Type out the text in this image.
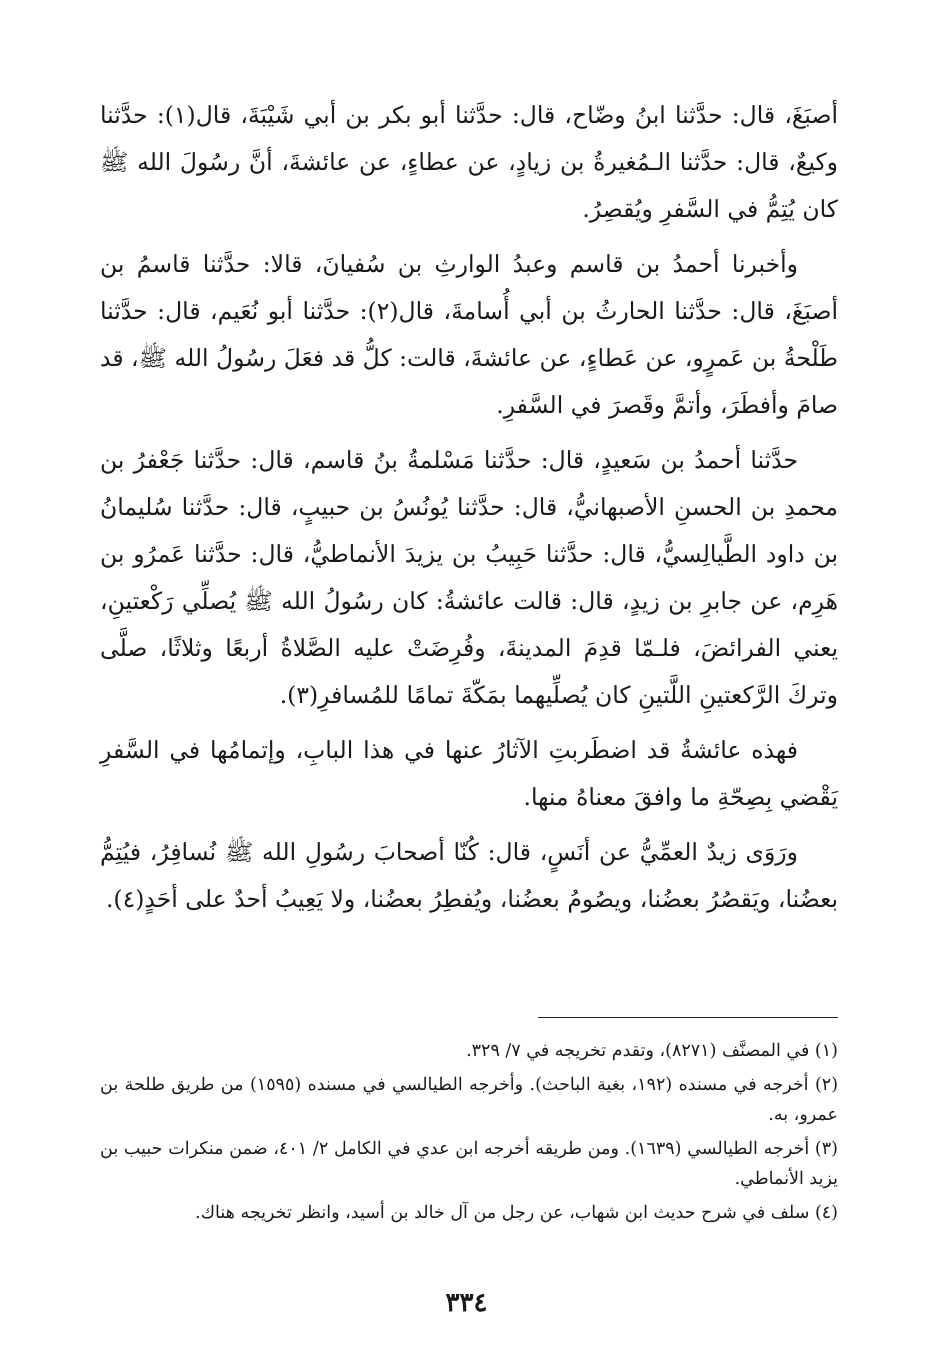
أصبَغَ، قال: حدَّثنا ابنُ وضّاح، قال: حدَّثنا أبو بكر بن أبي شَيْبَةَ، قال(١): حدَّثنا وكيعٌ، قال: حدَّثنا الـمُغيرةُ بن زيادٍ، عن عطاءٍ، عن عائشةَ، أنَّ رسُولَ الله ﷺ كان يُتِمُّ في السَّفرِ ويُقصِرُ.

وأخبرنا أحمدُ بن قاسم وعبدُ الوارثِ بن سُفيانَ، قالا: حدَّثنا قاسمُ بن أصبَغَ، قال: حدَّثنا الحارثُ بن أبي أُسامةَ، قال(٢): حدَّثنا أبو نُعَيم، قال: حدَّثنا طَلْحةُ بن عَمرٍو، عن عَطاءٍ، عن عائشةَ، قالت: كلُّ قد فعَلَ رسُولُ الله ﷺ، قد صامَ وأفطَرَ، وأتمَّ وقَصرَ في السَّفرِ.

حدَّثنا أحمدُ بن سَعيدٍ، قال: حدَّثنا مَسْلمةُ بنُ قاسم، قال: حدَّثنا جَعْفرُ بن محمدِ بن الحسنِ الأصبهانيُّ، قال: حدَّثنا يُونُسُ بن حبيبٍ، قال: حدَّثنا سُليمانُ بن داود الطَّيالِسيُّ، قال: حدَّثنا حَبِيبُ بن يزيدَ الأنماطيُّ، قال: حدَّثنا عَمرُو بن هَرِم، عن جابرِ بن زيدٍ، قال: قالت عائشةُ: كان رسُولُ الله ﷺ يُصلِّي رَكْعتينِ، يعني الفرائضَ، فلـمّا قدِمَ المدينةَ، وفُرِضَتْ عليه الصَّلاةُ أربعًا وثلاثًا، صلَّى وتركَ الرَّكعتينِ اللَّتينِ كان يُصلِّيهما بمَكّةَ تمامًا للمُسافرِ(٣).

فهذه عائشةُ قد اضطَربتِ الآثارُ عنها في هذا البابِ، وإتمامُها في السَّفرِ يَقْضي بِصِحّةِ ما وافقَ معناهُ منها.

ورَوَى زيدٌ العمِّيُّ عن أنَسٍ، قال: كُنّا أصحابَ رسُولِ الله ﷺ نُسافِرُ، فيُتِمُّ بعضُنا، ويَقصُرُ بعضُنا، ويصُومُ بعضُنا، ويُفطِرُ بعضُنا، ولا يَعِيبُ أحدٌ على أحَدٍ(٤).

(١) في المصنَّف (٨٢٧١)، وتقدم تخريجه في ٧/ ٣٢٩.

(٢) أخرجه في مسنده (١٩٢، بغية الباحث). وأخرجه الطيالسي في مسنده (١٥٩٥) من طريق طلحة بن عمرو، به.

(٣) أخرجه الطيالسي (١٦٣٩). ومن طريقه أخرجه ابن عدي في الكامل ٢/ ٤٠١، ضمن منكرات حبيب بن يزيد الأنماطي.

(٤) سلف في شرح حديث ابن شهاب، عن رجل من آل خالد بن أسيد، وانظر تخريجه هناك.

٣٣٤
